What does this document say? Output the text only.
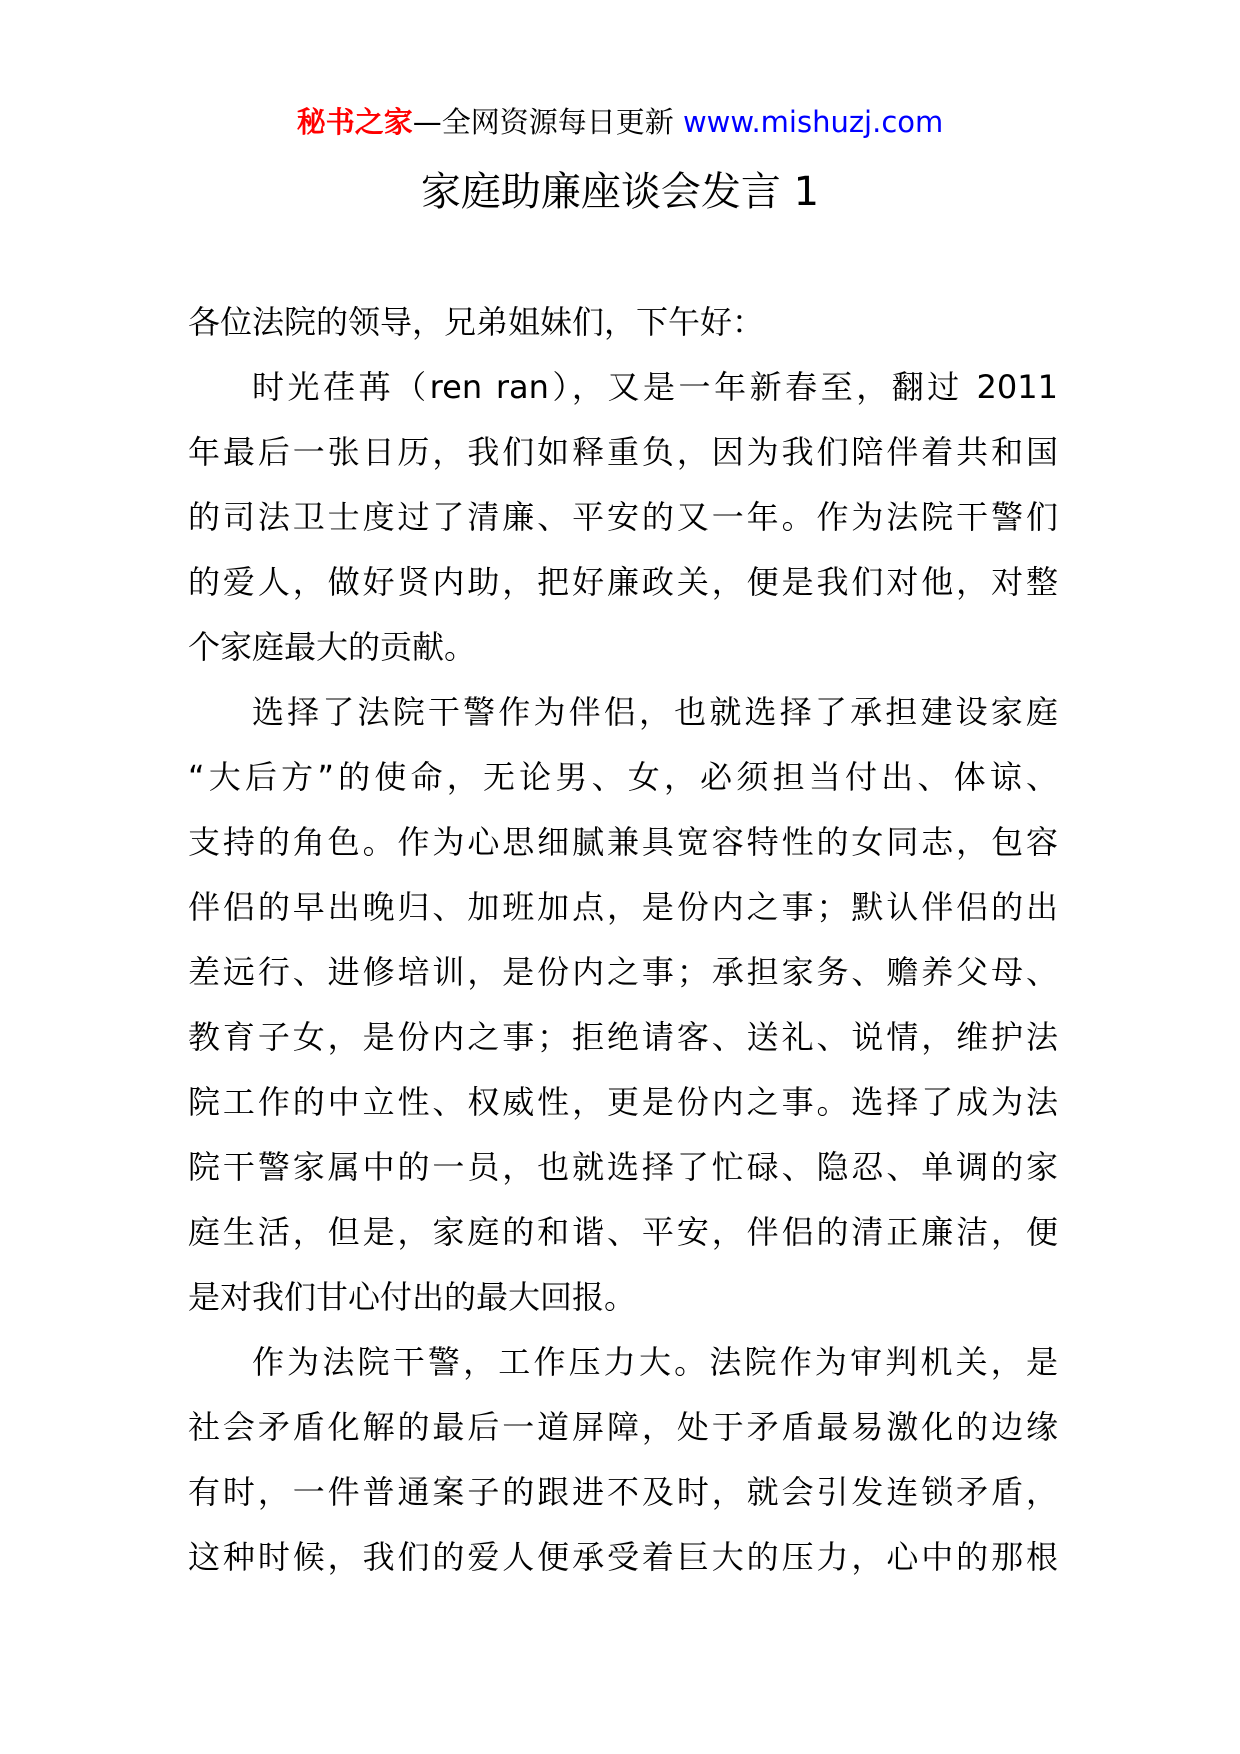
秘书之家—全网资源每日更新 www.mishuzj.com
家庭助廉座谈会发言 1
各位法院的领导，兄弟姐妹们，下午好：
时光荏苒（ren ran），又是一年新春至，翻过 2011
年最后一张日历，我们如释重负，因为我们陪伴着共和国
的司法卫士度过了清廉、平安的又一年。作为法院干警们
的爱人，做好贤内助，把好廉政关，便是我们对他，对整
个家庭最大的贡献。
选择了法院干警作为伴侣，也就选择了承担建设家庭
“大后方”的使命，无论男、女，必须担当付出、体谅、
支持的角色。作为心思细腻兼具宽容特性的女同志，包容
伴侣的早出晚归、加班加点，是份内之事；默认伴侣的出
差远行、进修培训，是份内之事；承担家务、赡养父母、
教育子女，是份内之事；拒绝请客、送礼、说情，维护法
院工作的中立性、权威性，更是份内之事。选择了成为法
院干警家属中的一员，也就选择了忙碌、隐忍、单调的家
庭生活，但是，家庭的和谐、平安，伴侣的清正廉洁，便
是对我们甘心付出的最大回报。
作为法院干警，工作压力大。法院作为审判机关，是
社会矛盾化解的最后一道屏障，处于矛盾最易激化的边缘
有时，一件普通案子的跟进不及时，就会引发连锁矛盾，
这种时候，我们的爱人便承受着巨大的压力，心中的那根
